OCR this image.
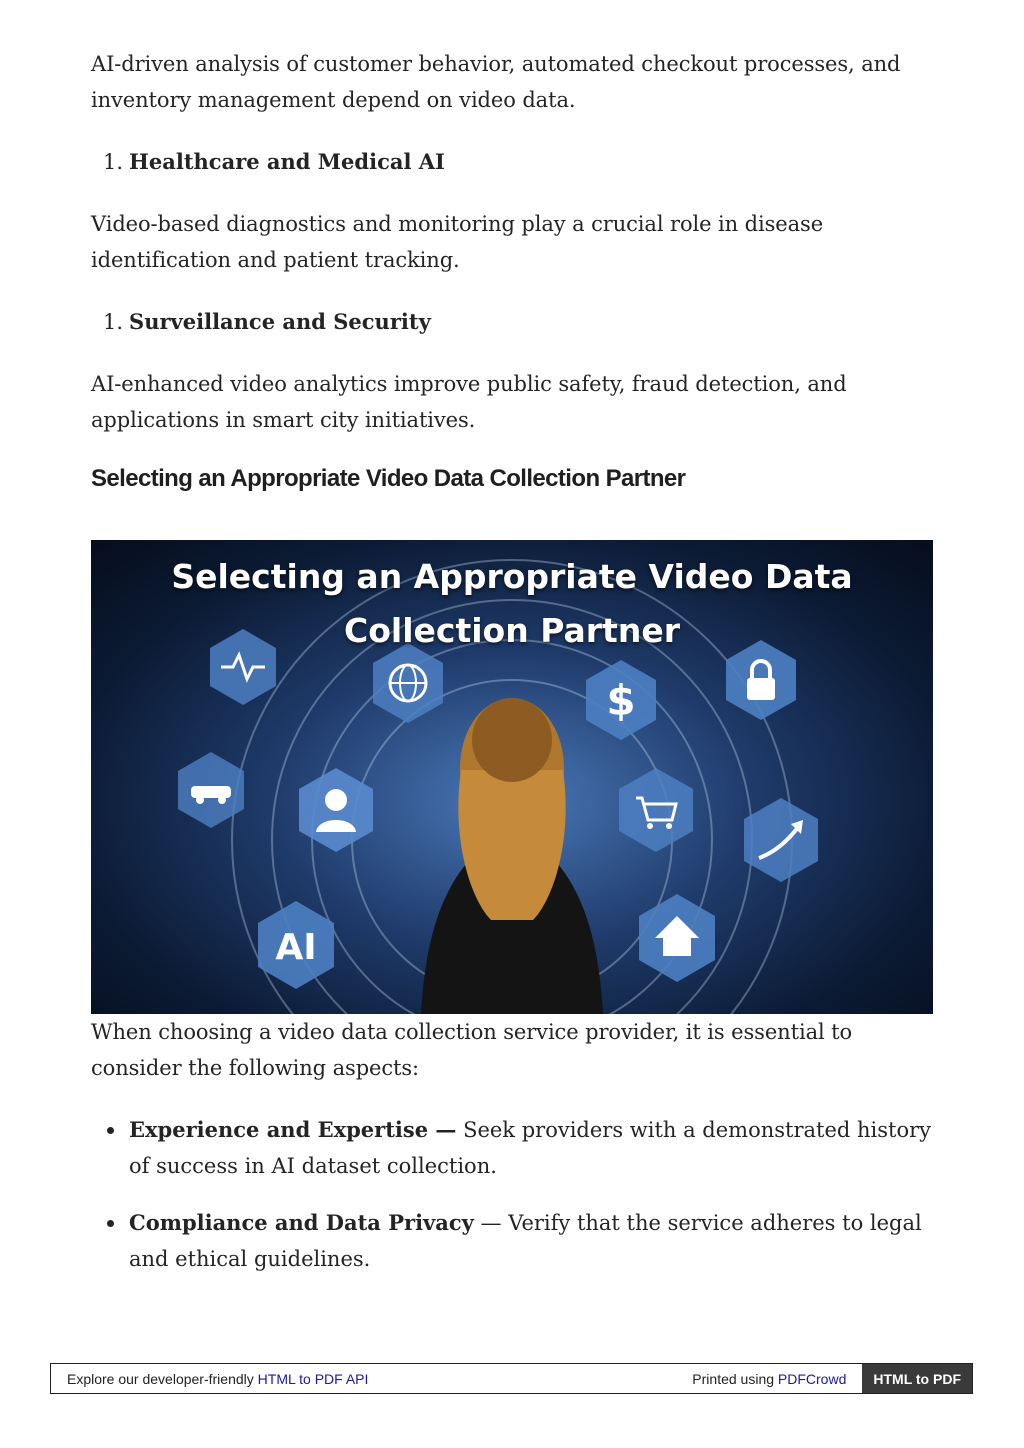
AI-driven analysis of customer behavior, automated checkout processes, and inventory management depend on video data.

1. Healthcare and Medical AI

Video-based diagnostics and monitoring play a crucial role in disease identification and patient tracking.

1. Surveillance and Security

AI-enhanced video analytics improve public safety, fraud detection, and applications in smart city initiatives.

Selecting an Appropriate Video Data Collection Partner
$
AI
Selecting an Appropriate Video Data
Collection Partner

When choosing a video data collection service provider, it is essential to consider the following aspects:

Experience and Expertise — Seek providers with a demonstrated history of success in AI dataset collection.
Compliance and Data Privacy — Verify that the service adheres to legal and ethical guidelines.
Explore our developer-friendly HTML to PDF API	Printed using PDFCrowd	HTML to PDF
